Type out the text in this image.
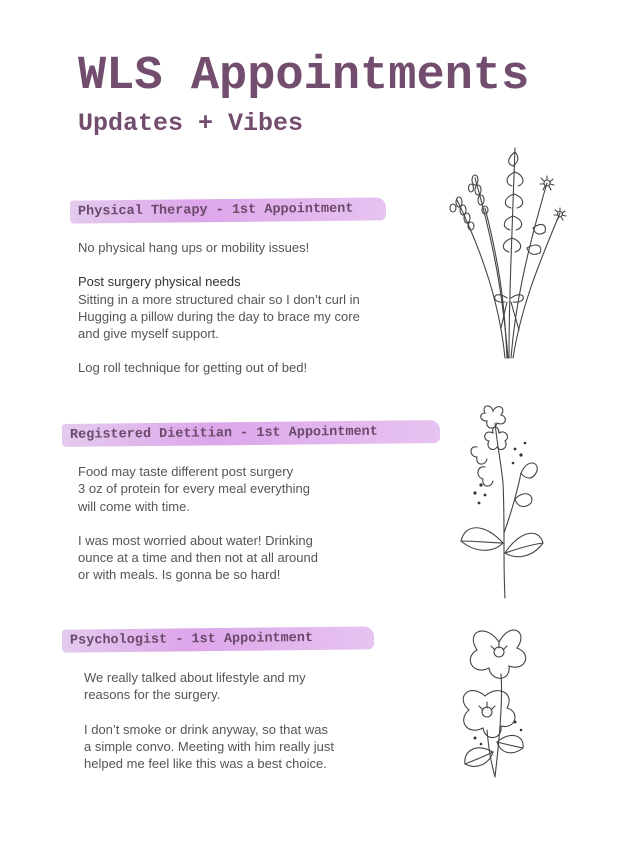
WLS Appointments
Updates + Vibes
Physical Therapy - 1st Appointment

No physical hang ups or mobility issues!

Post surgery physical needs

Sitting in a more structured chair so I don’t curl in

Hugging a pillow during the day to brace my core

and give myself support.

Log roll technique for getting out of bed!

Registered Dietitian - 1st Appointment

Food may taste different post surgery

3 oz of protein for every meal everything

will come with time.

I was most worried about water! Drinking

ounce at a time and then not at all around

or with meals. Is gonna be so hard!

Psychologist - 1st Appointment

We really talked about lifestyle and my

reasons for the surgery.

I don’t smoke or drink anyway, so that was

a simple convo. Meeting with him really just

helped me feel like this was a best choice.
